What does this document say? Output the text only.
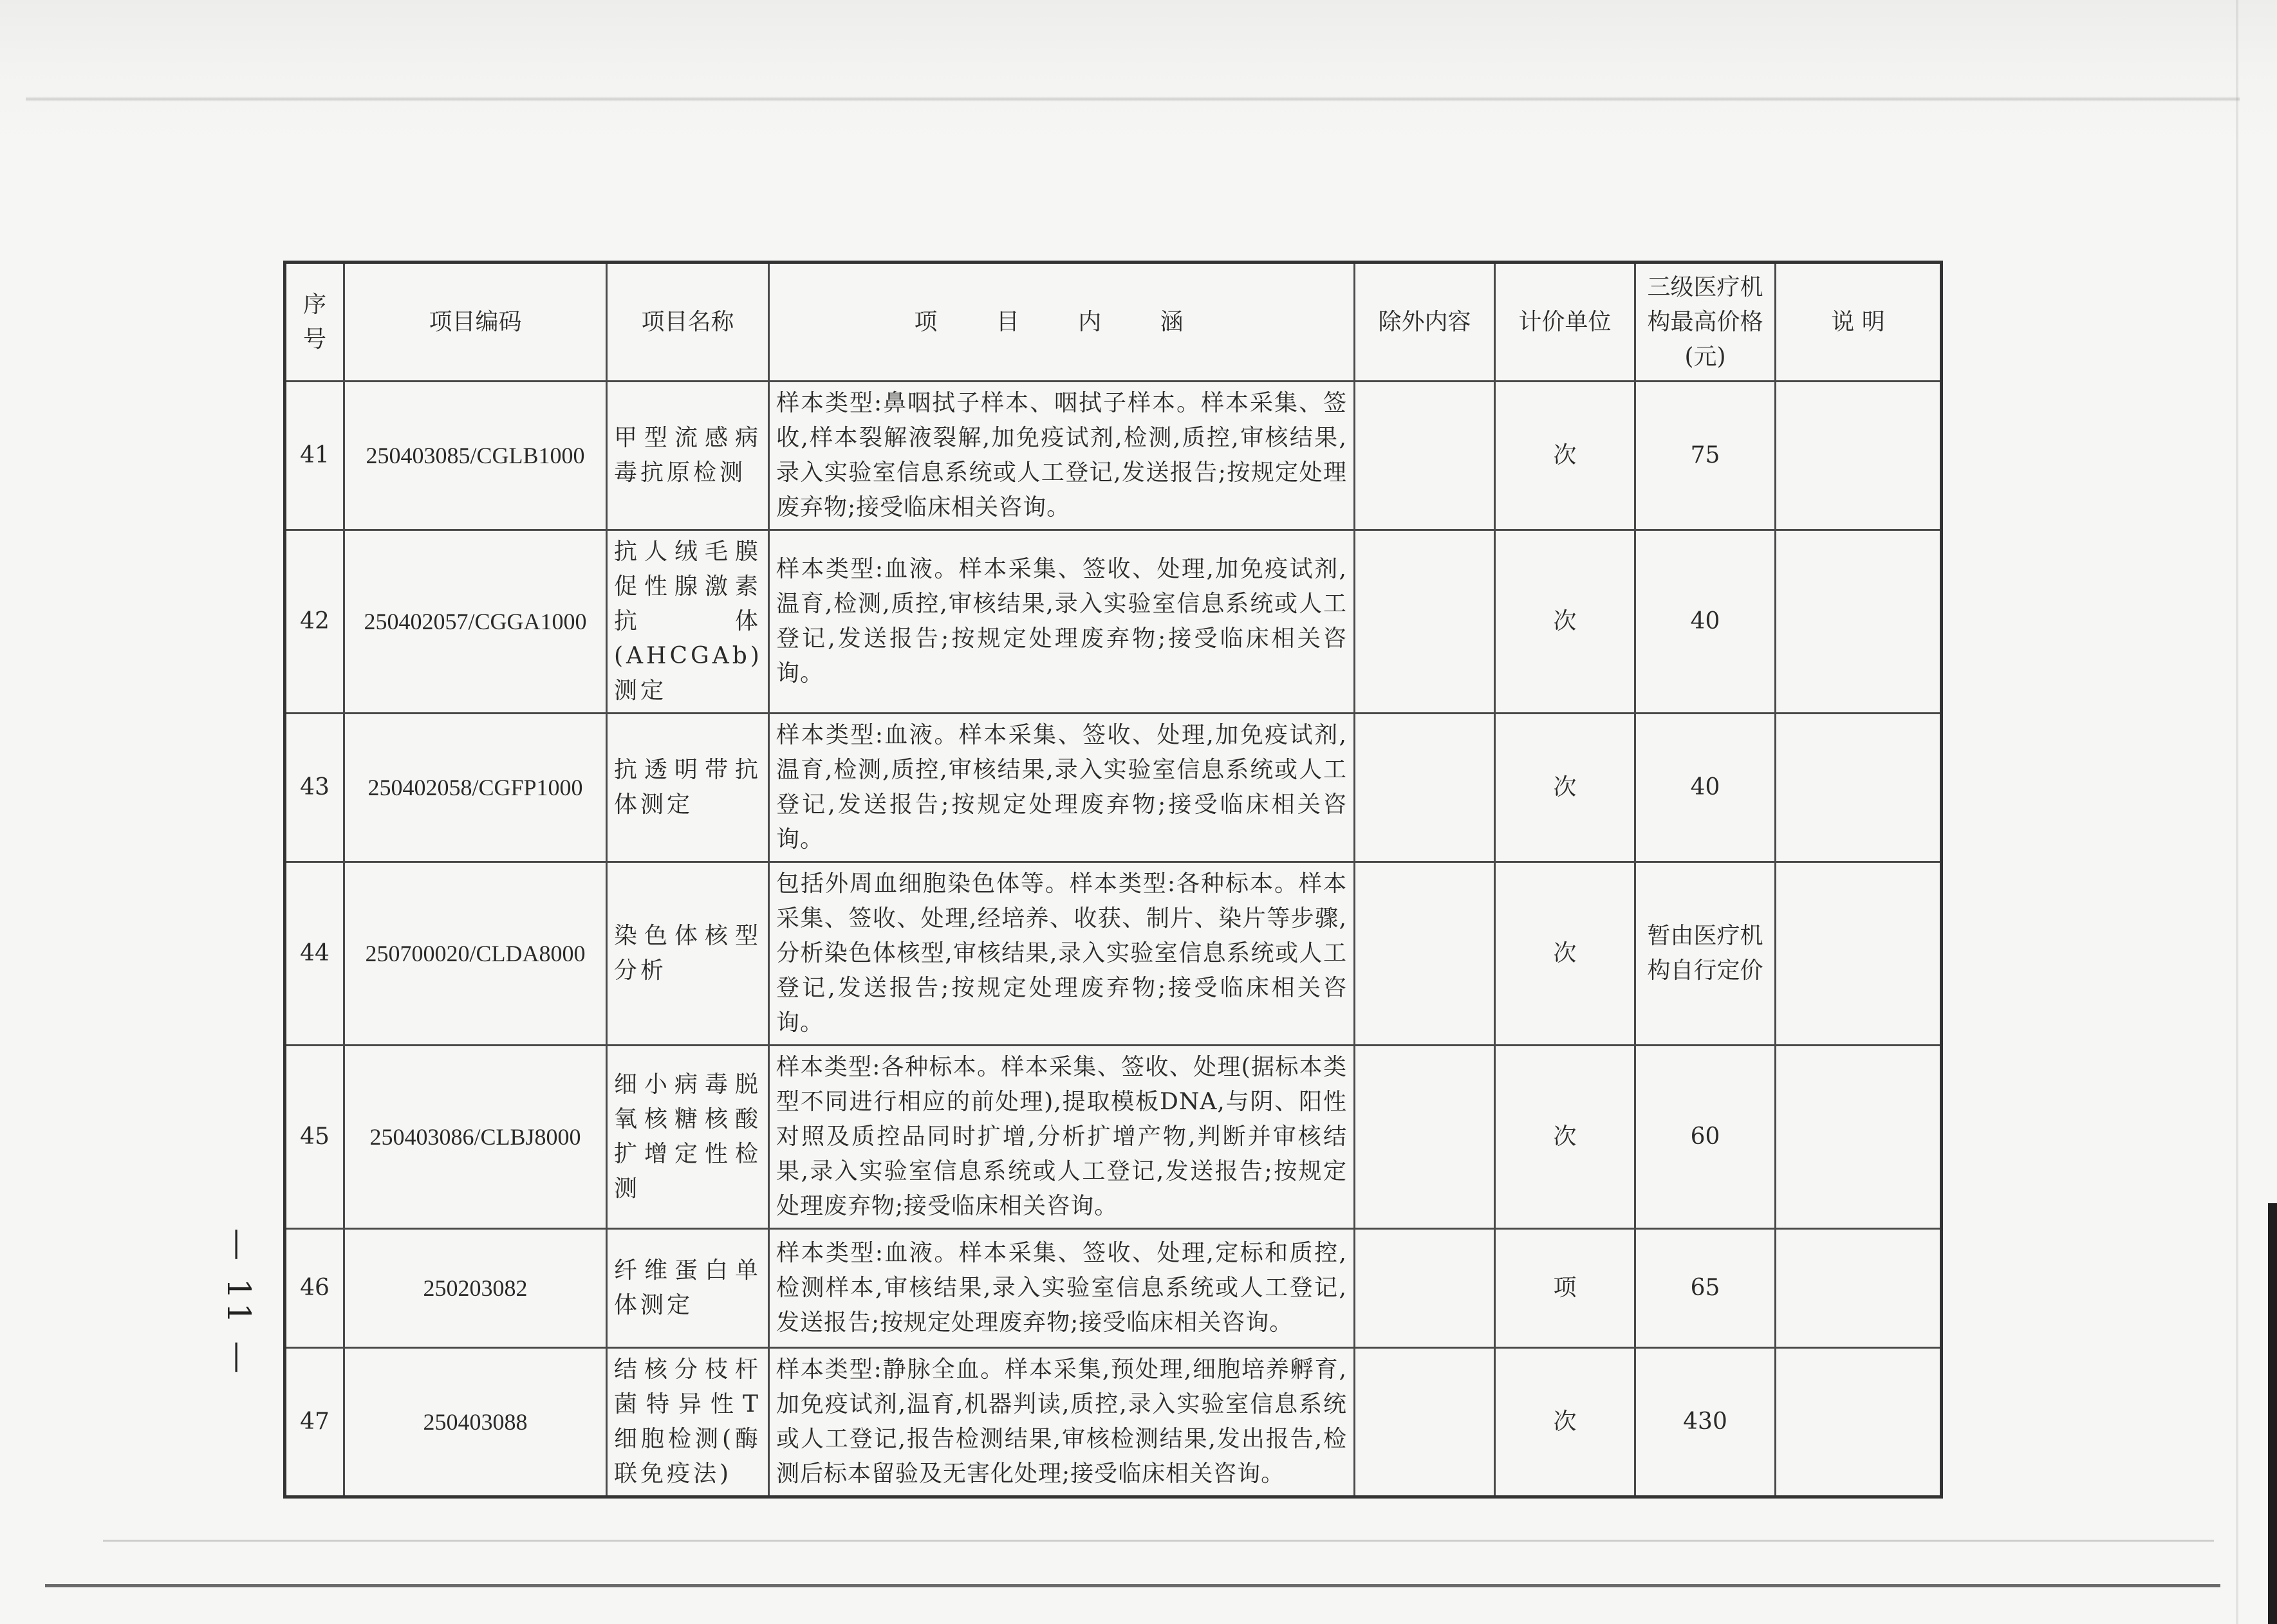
序号	项目编码	项目名称	项 目 内 涵	除外内容	计价单位	三级医疗机构最高价格(元)	说 明
41	250403085/CGLB1000	甲型流感病毒抗原检测	样本类型:鼻咽拭子样本、咽拭子样本。样本采集、签收,样本裂解液裂解,加免疫试剂,检测,质控,审核结果,录入实验室信息系统或人工登记,发送报告;按规定处理废弃物;接受临床相关咨询。		次	75	
42	250402057/CGGA1000	抗人绒毛膜促性腺激素抗体(AHCGAb)测定	样本类型:血液。样本采集、签收、处理,加免疫试剂,温育,检测,质控,审核结果,录入实验室信息系统或人工登记,发送报告;按规定处理废弃物;接受临床相关咨询。		次	40	
43	250402058/CGFP1000	抗透明带抗体测定	样本类型:血液。样本采集、签收、处理,加免疫试剂,温育,检测,质控,审核结果,录入实验室信息系统或人工登记,发送报告;按规定处理废弃物;接受临床相关咨询。		次	40	
44	250700020/CLDA8000	染色体核型分析	包括外周血细胞染色体等。样本类型:各种标本。样本采集、签收、处理,经培养、收获、制片、染片等步骤,分析染色体核型,审核结果,录入实验室信息系统或人工登记,发送报告;按规定处理废弃物;接受临床相关咨询。		次	暂由医疗机构自行定价	
45	250403086/CLBJ8000	细小病毒脱氧核糖核酸扩增定性检测	样本类型:各种标本。样本采集、签收、处理(据标本类型不同进行相应的前处理),提取模板DNA,与阴、阳性对照及质控品同时扩增,分析扩增产物,判断并审核结果,录入实验室信息系统或人工登记,发送报告;按规定处理废弃物;接受临床相关咨询。		次	60	
46	250203082	纤维蛋白单体测定	样本类型:血液。样本采集、签收、处理,定标和质控,检测样本,审核结果,录入实验室信息系统或人工登记,发送报告;按规定处理废弃物;接受临床相关咨询。		项	65	
47	250403088	结核分枝杆菌特异性T细胞检测(酶联免疫法)	样本类型:静脉全血。样本采集,预处理,细胞培养孵育,加免疫试剂,温育,机器判读,质控,录入实验室信息系统或人工登记,报告检测结果,审核检测结果,发出报告,检测后标本留验及无害化处理;接受临床相关咨询。		次	430	
— 11 —
